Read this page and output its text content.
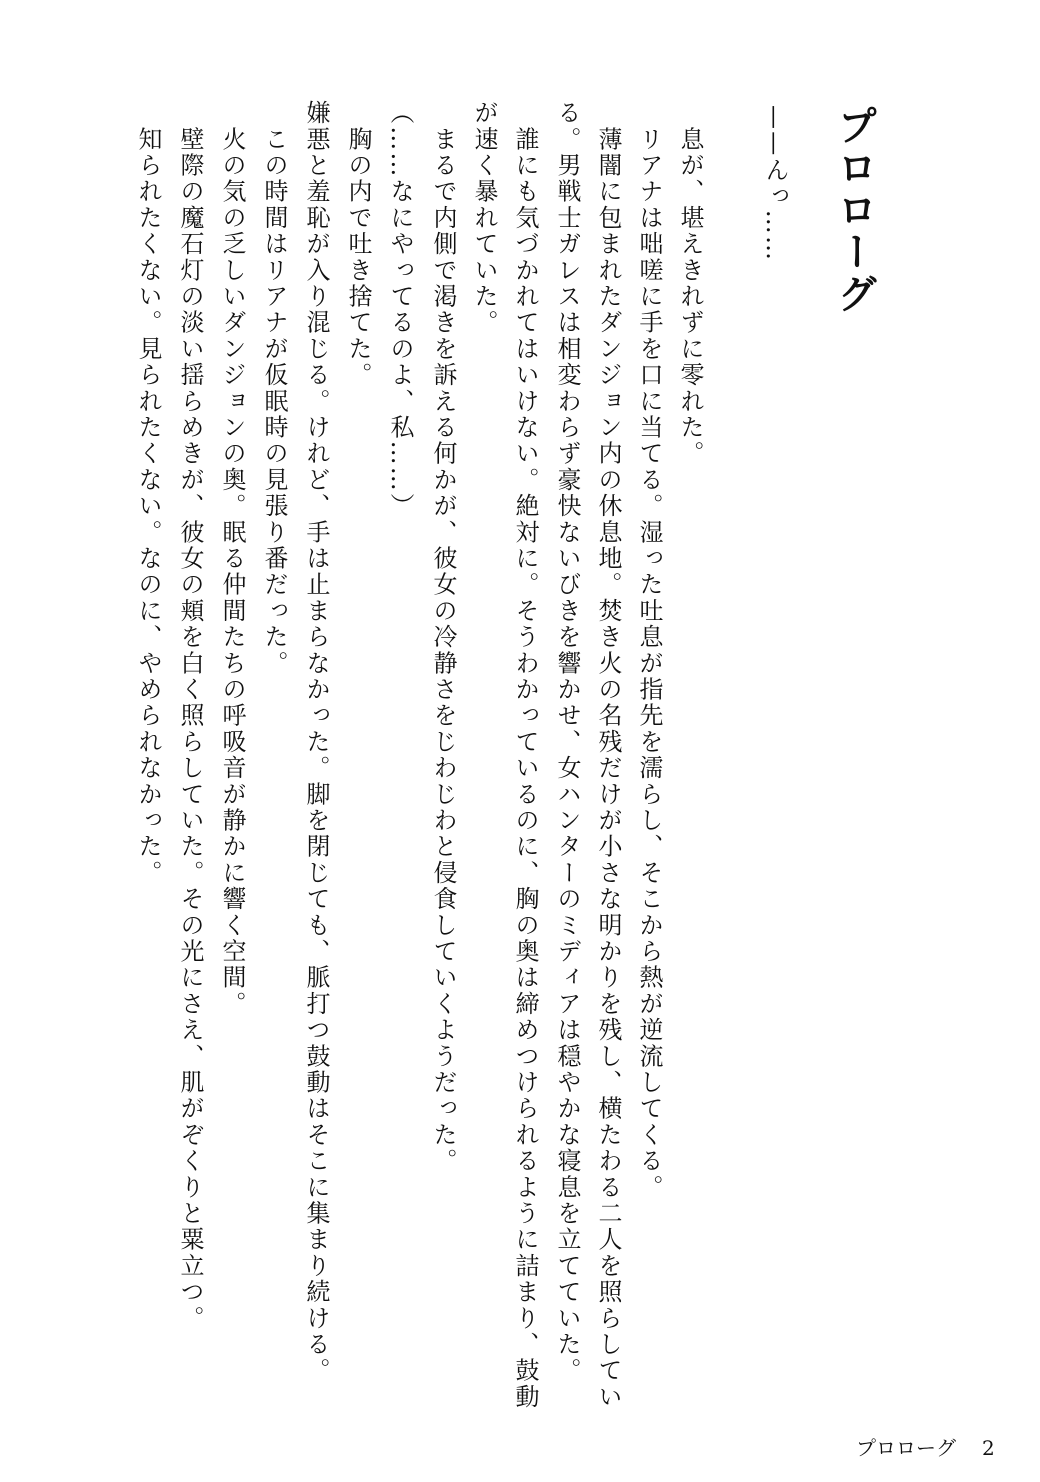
プロローグ
——んっ……
　息が、堪えきれずに零れた。
　リアナは咄嗟に手を口に当てる。湿った吐息が指先を濡らし、そこから熱が逆流してくる。
　薄闇に包まれたダンジョン内の休息地。焚き火の名残だけが小さな明かりを残し、横たわる二人を照らしてい
る。男戦士ガレスは相変わらず豪快ないびきを響かせ、女ハンターのミディアは穏やかな寝息を立てていた。
　誰にも気づかれてはいけない。絶対に。そうわかっているのに、胸の奥は締めつけられるように詰まり、鼓動
が速く暴れていた。
　まるで内側で渇きを訴える何かが、彼女の冷静さをじわじわと侵食していくようだった。
（……なにやってるのよ、私……）
　胸の内で吐き捨てた。
嫌悪と羞恥が入り混じる。けれど、手は止まらなかった。脚を閉じても、脈打つ鼓動はそこに集まり続ける。
　この時間はリアナが仮眠時の見張り番だった。
　火の気の乏しいダンジョンの奥。眠る仲間たちの呼吸音が静かに響く空間。
　壁際の魔石灯の淡い揺らめきが、彼女の頬を白く照らしていた。その光にさえ、肌がぞくりと粟立つ。
　知られたくない。見られたくない。なのに、やめられなかった。
プロローグ 2
